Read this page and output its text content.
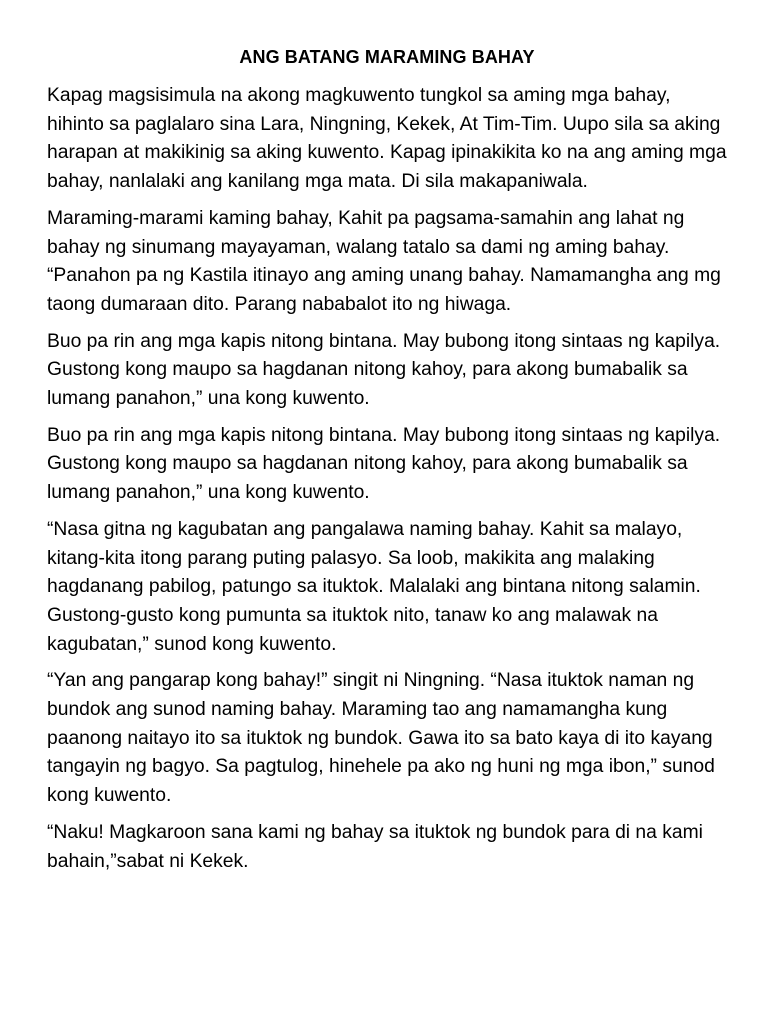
ANG BATANG MARAMING BAHAY

Kapag magsisimula na akong magkuwento tungkol sa aming mga bahay, hihinto sa paglalaro sina Lara, Ningning, Kekek, At Tim-Tim. Uupo sila sa aking harapan at makikinig sa aking kuwento. Kapag ipinakikita ko na ang aming mga bahay, nanlalaki ang kanilang mga mata. Di sila makapaniwala.

Maraming-marami kaming bahay, Kahit pa pagsama-samahin ang lahat ng bahay ng sinumang mayayaman, walang tatalo sa dami ng aming bahay. “Panahon pa ng Kastila itinayo ang aming unang bahay. Namamangha ang mg taong dumaraan dito. Parang nababalot ito ng hiwaga.

Buo pa rin ang mga kapis nitong bintana. May bubong itong sintaas ng kapilya. Gustong kong maupo sa hagdanan nitong kahoy, para akong bumabalik sa lumang panahon,” una kong kuwento.

Buo pa rin ang mga kapis nitong bintana. May bubong itong sintaas ng kapilya. Gustong kong maupo sa hagdanan nitong kahoy, para akong bumabalik sa lumang panahon,” una kong kuwento.

“Nasa gitna ng kagubatan ang pangalawa naming bahay. Kahit sa malayo, kitang-kita itong parang puting palasyo. Sa loob, makikita ang malaking hagdanang pabilog, patungo sa ituktok. Malalaki ang bintana nitong salamin. Gustong-gusto kong pumunta sa ituktok nito, tanaw ko ang malawak na kagubatan,” sunod kong kuwento.

“Yan ang pangarap kong bahay!” singit ni Ningning. “Nasa ituktok naman ng bundok ang sunod naming bahay. Maraming tao ang namamangha kung paanong naitayo ito sa ituktok ng bundok. Gawa ito sa bato kaya di ito kayang tangayin ng bagyo. Sa pagtulog, hinehele pa ako ng huni ng mga ibon,” sunod kong kuwento.

“Naku! Magkaroon sana kami ng bahay sa ituktok ng bundok para di na kami bahain,”sabat ni Kekek.
